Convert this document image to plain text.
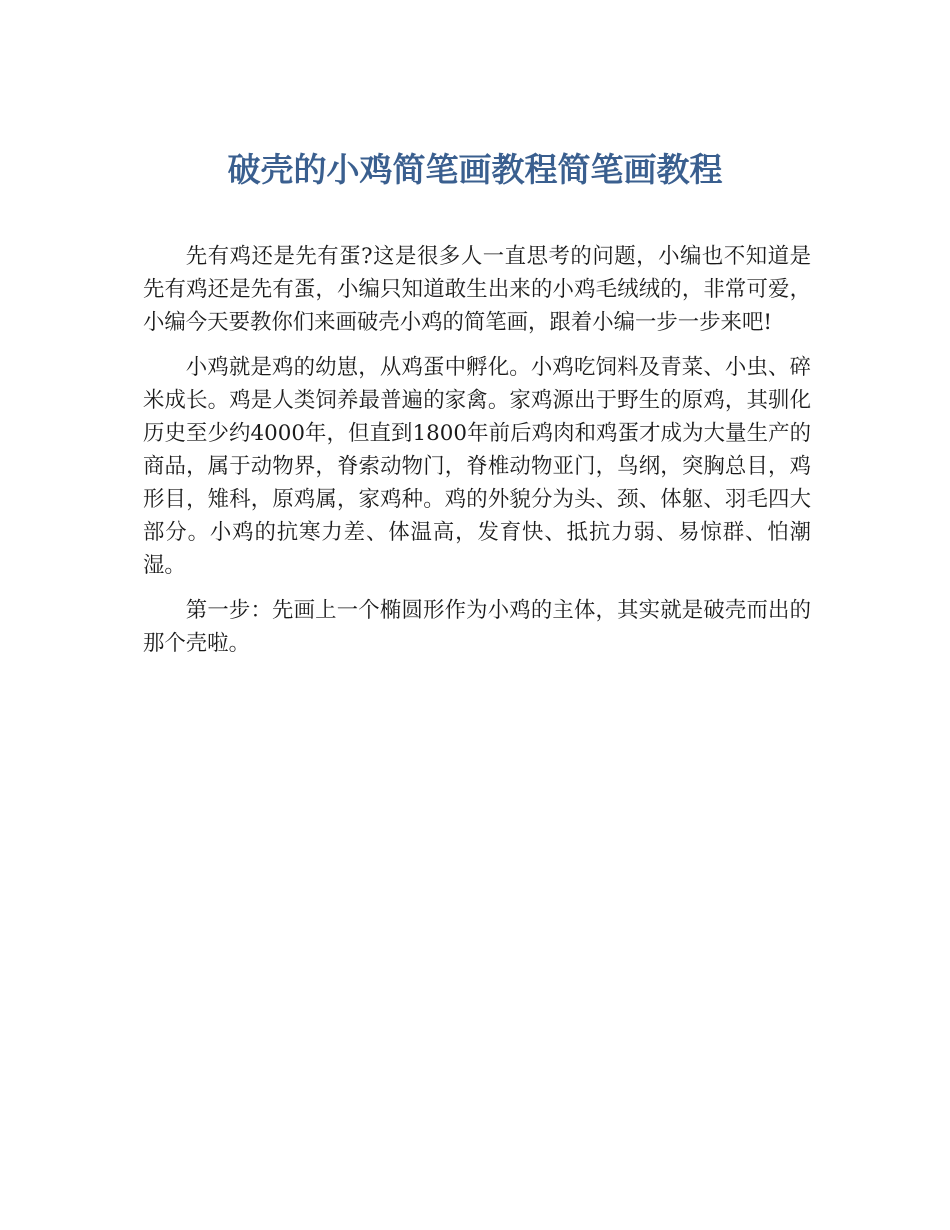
破壳的小鸡简笔画教程简笔画教程

先有鸡还是先有蛋?这是很多人一直思考的问题，小编也不知道是先有鸡还是先有蛋，小编只知道敢生出来的小鸡毛绒绒的，非常可爱，小编今天要教你们来画破壳小鸡的简笔画，跟着小编一步一步来吧!

小鸡就是鸡的幼崽，从鸡蛋中孵化。小鸡吃饲料及青菜、小虫、碎米成长。鸡是人类饲养最普遍的家禽。家鸡源出于野生的原鸡，其驯化历史至少约4000年，但直到1800年前后鸡肉和鸡蛋才成为大量生产的商品，属于动物界，脊索动物门，脊椎动物亚门，鸟纲，突胸总目，鸡形目，雉科，原鸡属，家鸡种。鸡的外貌分为头、颈、体躯、羽毛四大部分。小鸡的抗寒力差、体温高，发育快、抵抗力弱、易惊群、怕潮湿。

第一步：先画上一个椭圆形作为小鸡的主体，其实就是破壳而出的那个壳啦。
